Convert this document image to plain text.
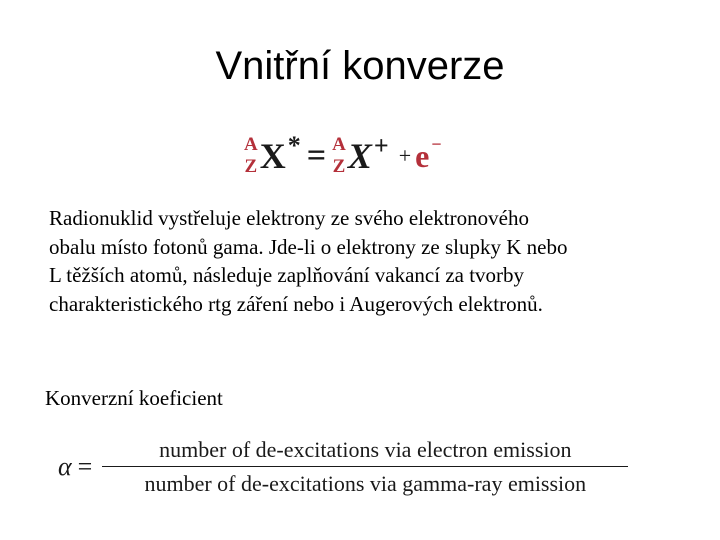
Vnitřní konverze
A
Z X * = A
Z X + + e −

Radionuklid vystřeluje elektrony ze svého elektronového
obalu místo fotonů gama. Jde-li o elektrony ze slupky K nebo
L těžších atomů, následuje zaplňování vakancí za tvorby
charakteristického rtg záření nebo i Augerových elektronů.

Konverzní koeficient
$\alpha = \frac{\text{number of de-excitations via electron emission}}{\text{number of de-excitations via gamma-ray emission}}$
